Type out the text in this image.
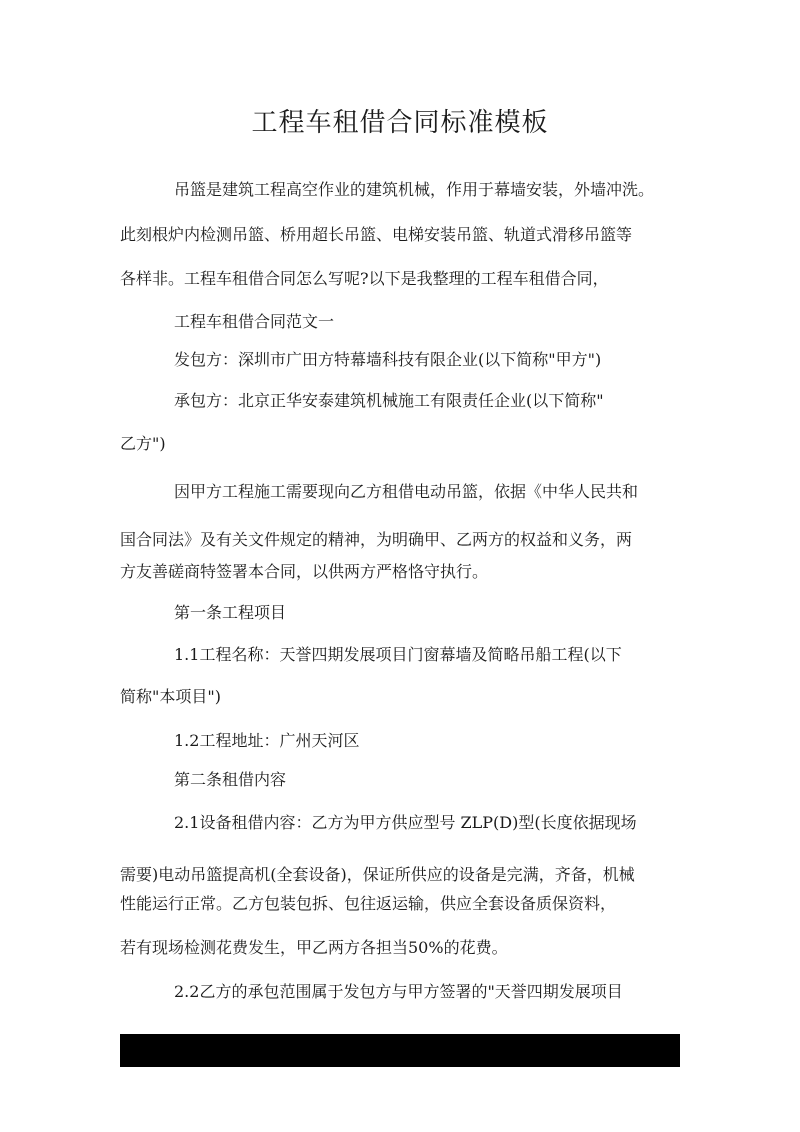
工程车租借合同标准模板

吊篮是建筑工程高空作业的建筑机械，作用于幕墙安装，外墙冲洗。

此刻根炉内检测吊篮、桥用超长吊篮、电梯安装吊篮、轨道式滑移吊篮等

各样非。工程车租借合同怎么写呢?以下是我整理的工程车租借合同，

工程车租借合同范文一

发包方：深圳市广田方特幕墙科技有限企业(以下简称"甲方")

承包方：北京正华安泰建筑机械施工有限责任企业(以下简称"

乙方")

因甲方工程施工需要现向乙方租借电动吊篮，依据《中华人民共和

国合同法》及有关文件规定的精神，为明确甲、乙两方的权益和义务，两

方友善磋商特签署本合同，以供两方严格恪守执行。

第一条工程项目

1.1工程名称：天誉四期发展项目门窗幕墙及简略吊船工程(以下

简称"本项目")

1.2工程地址：广州天河区

第二条租借内容

2.1设备租借内容：乙方为甲方供应型号 ZLP(D)型(长度依据现场

需要)电动吊篮提高机(全套设备)，保证所供应的设备是完满，齐备，机械

性能运行正常。乙方包装包拆、包往返运输，供应全套设备质保资料，

若有现场检测花费发生，甲乙两方各担当50%的花费。

2.2乙方的承包范围属于发包方与甲方签署的"天誉四期发展项目
